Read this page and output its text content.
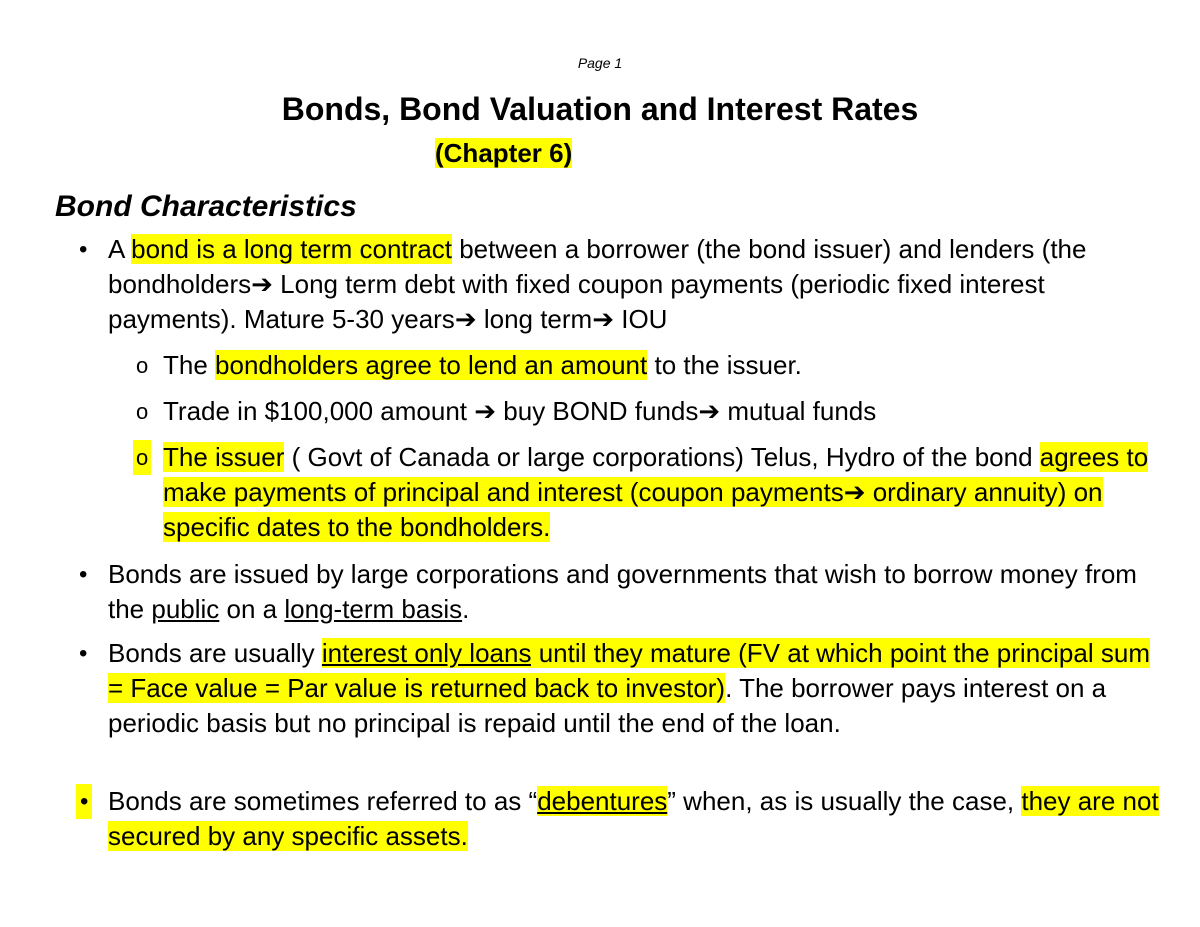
Page 1
Bonds, Bond Valuation and Interest Rates
(Chapter 6)
Bond Characteristics
• A bond is a long term contract between a borrower (the bond issuer) and lenders (the bondholders➔ Long term debt with fixed coupon payments (periodic fixed interest payments). Mature 5-30 years➔ long term➔ IOU

o The bondholders agree to lend an amount to the issuer.

o Trade in $100,000 amount ➔ buy BOND funds➔ mutual funds

o The issuer ( Govt of Canada or large corporations) Telus, Hydro of the bond agrees to make payments of principal and interest (coupon payments➔ ordinary annuity) on specific dates to the bondholders.

• Bonds are issued by large corporations and governments that wish to borrow money from the public on a long-term basis.

• Bonds are usually interest only loans until they mature (FV at which point the principal sum = Face value = Par value is returned back to investor). The borrower pays interest on a periodic basis but no principal is repaid until the end of the loan.

• Bonds are sometimes referred to as “debentures” when, as is usually the case, they are not secured by any specific assets.
